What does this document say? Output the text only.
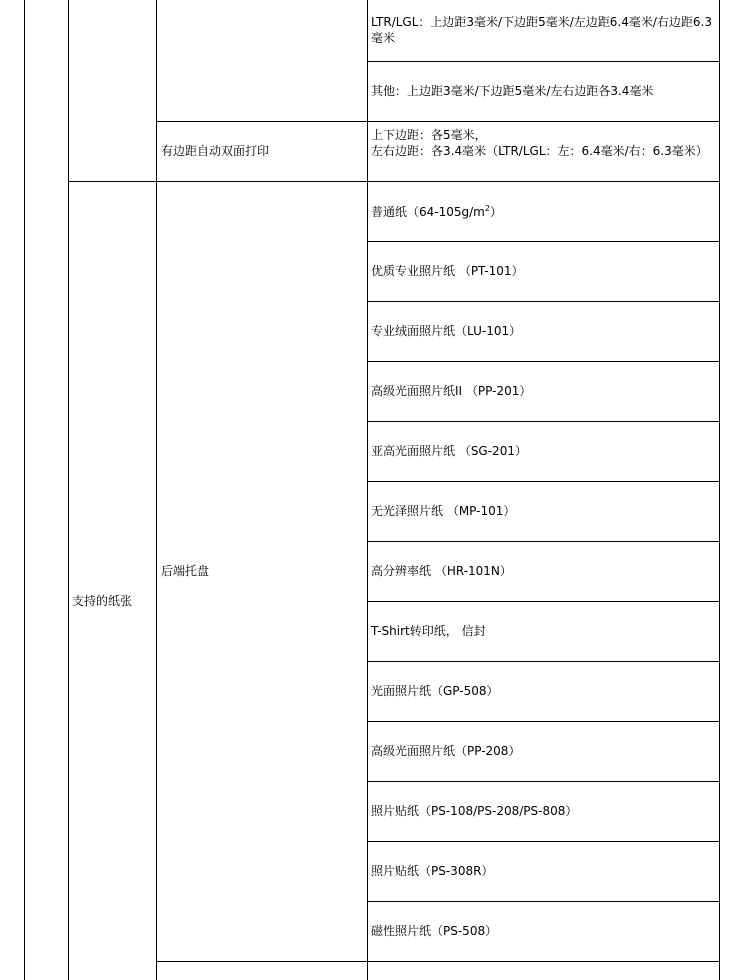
LTR/LGL：上边距3毫米/下边距5毫米/左边距6.4毫米/右边距6.3毫米
其他：上边距3毫米/下边距5毫米/左右边距各3.4毫米
有边距自动双面打印
上下边距：各5毫米，
左右边距：各3.4毫米（LTR/LGL：左：6.4毫米/右：6.3毫米）
支持的纸张
后端托盘
普通纸$(64-105g/m^2)$
优质专业照片纸 （PT-101）
专业绒面照片纸（LU-101）
高级光面照片纸II （PP-201）
亚高光面照片纸 （SG-201）
无光泽照片纸 （MP-101）
高分辨率纸 （HR-101N）
T-Shirt转印纸， 信封
光面照片纸（GP-508）
高级光面照片纸（PP-208）
照片贴纸（PS-108/PS-208/PS-808）
照片贴纸（PS-308R）
磁性照片纸（PS-508）
